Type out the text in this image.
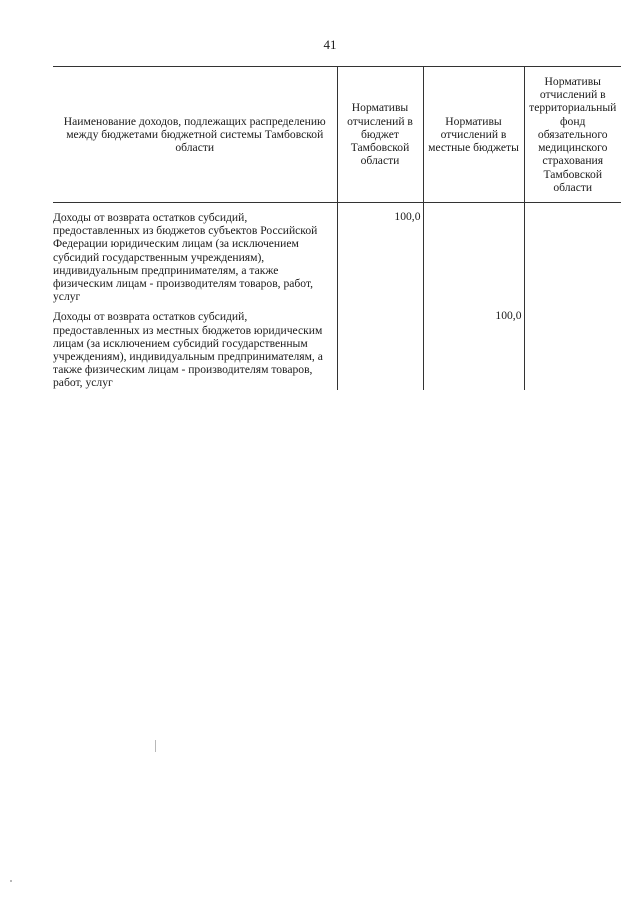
41
Наименование доходов, подлежащих распределению между бюджетами бюджетной системы Тамбовской области	Нормативы отчислений в бюджет Тамбовской области	Нормативы отчислений в местные бюджеты	Нормативы отчислений в территориальный фонд обязательного медицинского страхования Тамбовской области
Доходы от возврата остатков субсидий, предоставленных из бюджетов субъектов Российской Федерации юридическим лицам (за исключением субсидий государственным учреждениям), индивидуальным предпринимателям, а также физическим лицам - производителям товаров, работ, услуг	100,0		
Доходы от возврата остатков субсидий, предоставленных из местных бюджетов юридическим лицам (за исключением субсидий государственным учреждениям), индивидуальным предпринимателям, а также физическим лицам - производителям товаров, работ, услуг		100,0	
